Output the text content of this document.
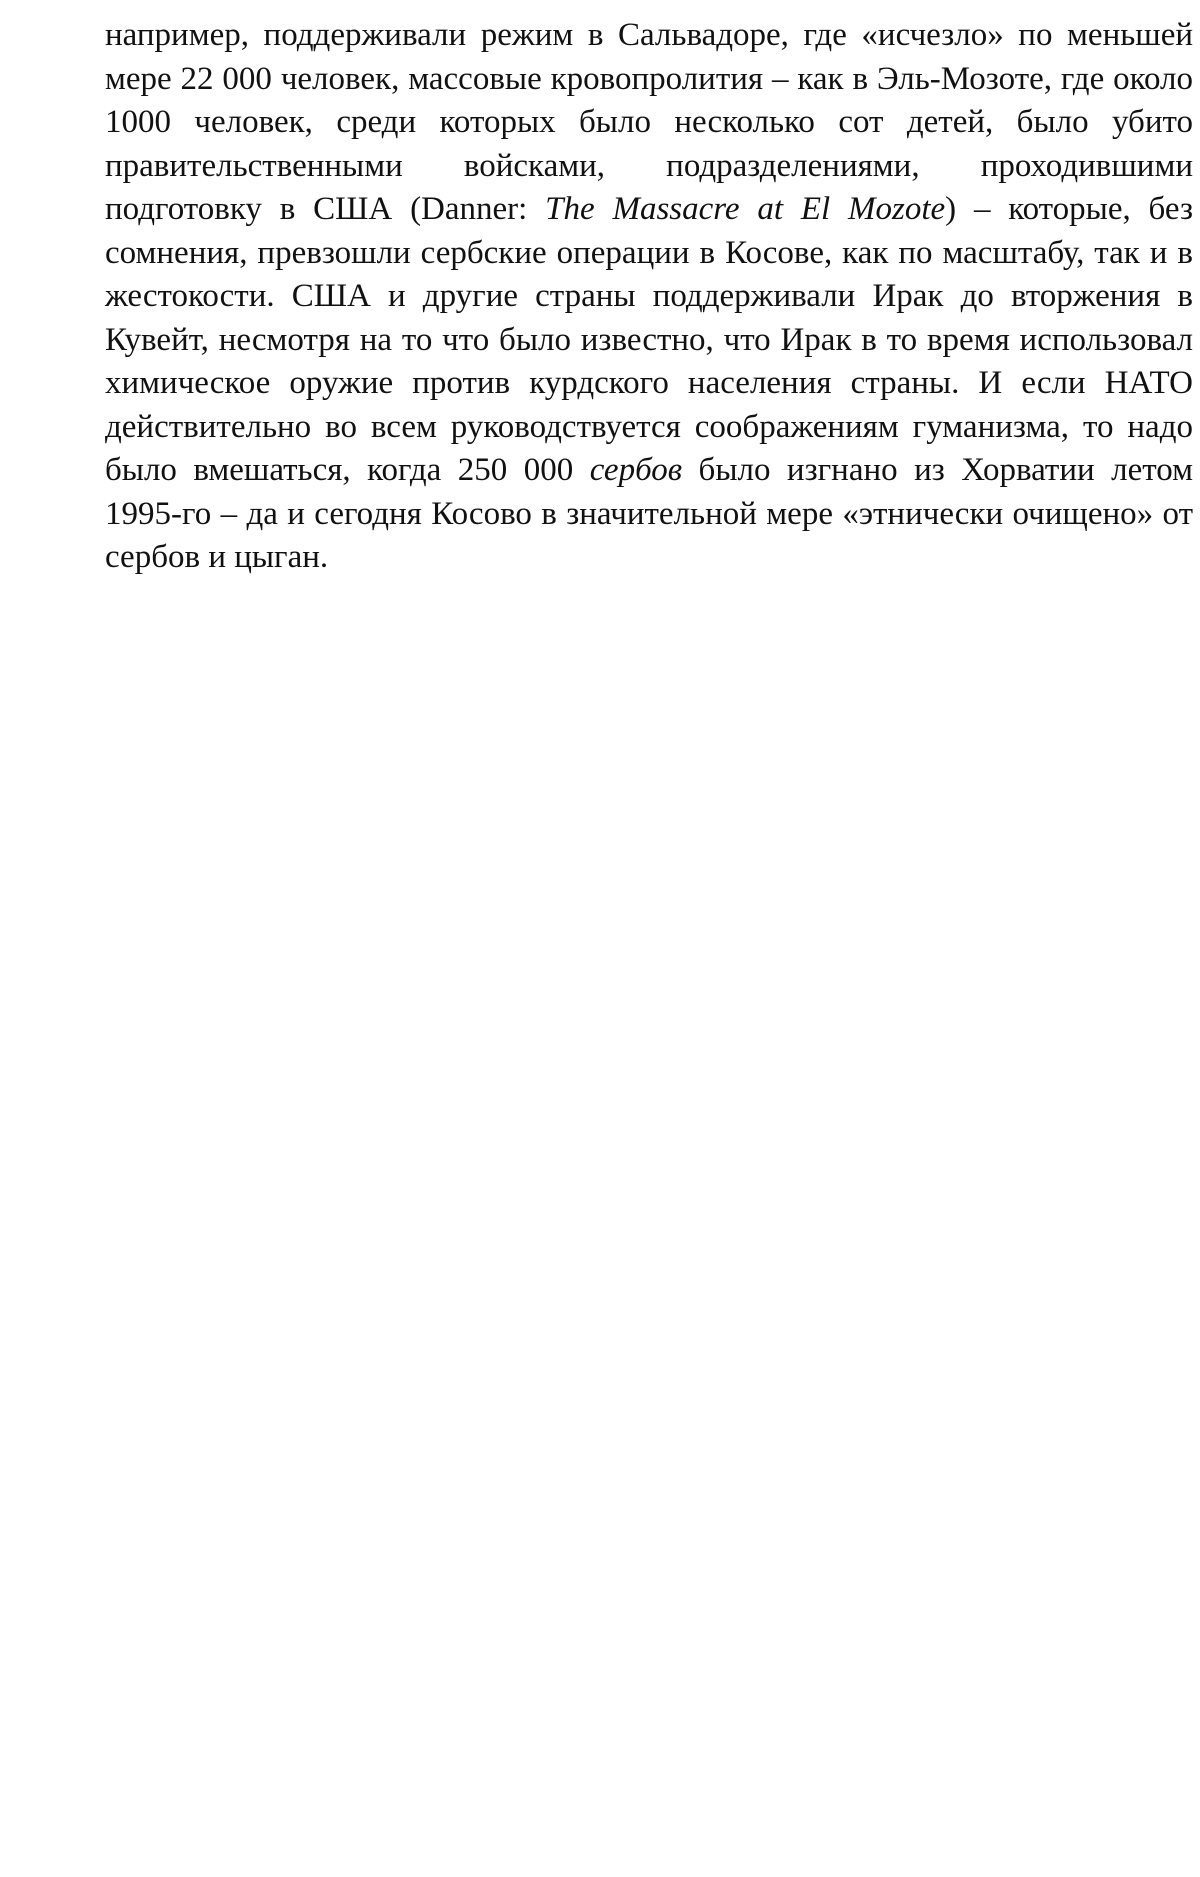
например, поддерживали режим в Сальвадоре, где «исчезло» по меньшей мере 22 000 человек, массовые кровопролития – как в Эль-Мозоте, где около 1000 человек, среди которых было несколько сот детей, было убито правительственными войсками, подразделениями, проходившими подготовку в США (Danner: The Massacre at El Mozote) – которые, без сомнения, превзошли сербские операции в Косове, как по масштабу, так и в жестокости. США и другие страны поддерживали Ирак до вторжения в Кувейт, несмотря на то что было известно, что Ирак в то время использовал химическое оружие против курдского населения страны. И если НАТО действительно во всем руководствуется соображениям гуманизма, то надо было вмешаться, когда 250 000 сербов было изгнано из Хорватии летом 1995-го – да и сегодня Косово в значительной мере «этнически очищено» от сербов и цыган.
